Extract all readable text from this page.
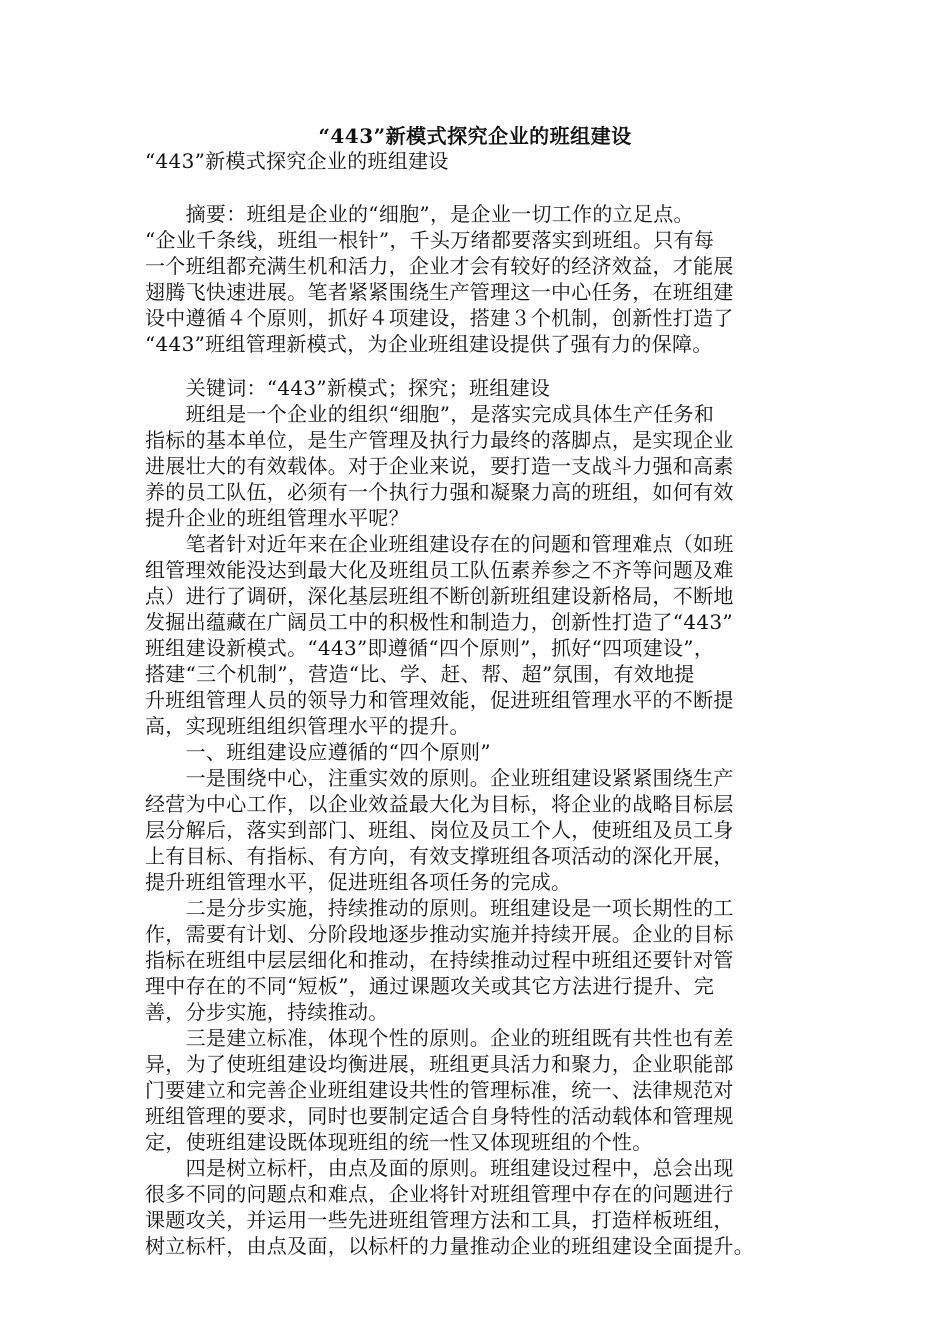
“443”新模式探究企业的班组建设
“443”新模式探究企业的班组建设
　　摘要：班组是企业的“细胞”，是企业一切工作的立足点。
“企业千条线，班组一根针”，千头万绪都要落实到班组。只有每
一个班组都充满生机和活力，企业才会有较好的经济效益，才能展
翅腾飞快速进展。笔者紧紧围绕生产管理这一中心任务，在班组建
设中遵循４个原则，抓好４项建设，搭建３个机制，创新性打造了
“443”班组管理新模式，为企业班组建设提供了强有力的保障。
　　关键词：“443”新模式；探究；班组建设
　　班组是一个企业的组织“细胞”，是落实完成具体生产任务和
指标的基本单位，是生产管理及执行力最终的落脚点，是实现企业
进展壮大的有效载体。对于企业来说，要打造一支战斗力强和高素
养的员工队伍，必须有一个执行力强和凝聚力高的班组，如何有效
提升企业的班组管理水平呢？
　　笔者针对近年来在企业班组建设存在的问题和管理难点（如班
组管理效能没达到最大化及班组员工队伍素养参之不齐等问题及难
点）进行了调研，深化基层班组不断创新班组建设新格局，不断地
发掘出蕴藏在广阔员工中的积极性和制造力，创新性打造了“443”
班组建设新模式。“443”即遵循“四个原则”，抓好“四项建设”，
搭建“三个机制”，营造“比、学、赶、帮、超”氛围，有效地提
升班组管理人员的领导力和管理效能，促进班组管理水平的不断提
高，实现班组组织管理水平的提升。
　　一、班组建设应遵循的“四个原则”
　　一是围绕中心，注重实效的原则。企业班组建设紧紧围绕生产
经营为中心工作，以企业效益最大化为目标，将企业的战略目标层
层分解后，落实到部门、班组、岗位及员工个人，使班组及员工身
上有目标、有指标、有方向，有效支撑班组各项活动的深化开展，
提升班组管理水平，促进班组各项任务的完成。
　　二是分步实施，持续推动的原则。班组建设是一项长期性的工
作，需要有计划、分阶段地逐步推动实施并持续开展。企业的目标
指标在班组中层层细化和推动，在持续推动过程中班组还要针对管
理中存在的不同“短板”，通过课题攻关或其它方法进行提升、完
善，分步实施，持续推动。
　　三是建立标准，体现个性的原则。企业的班组既有共性也有差
异，为了使班组建设均衡进展，班组更具活力和聚力，企业职能部
门要建立和完善企业班组建设共性的管理标准，统一、法律规范对
班组管理的要求，同时也要制定适合自身特性的活动载体和管理规
定，使班组建设既体现班组的统一性又体现班组的个性。
　　四是树立标杆，由点及面的原则。班组建设过程中，总会出现
很多不同的问题点和难点，企业将针对班组管理中存在的问题进行
课题攻关，并运用一些先进班组管理方法和工具，打造样板班组，
树立标杆，由点及面，以标杆的力量推动企业的班组建设全面提升。
